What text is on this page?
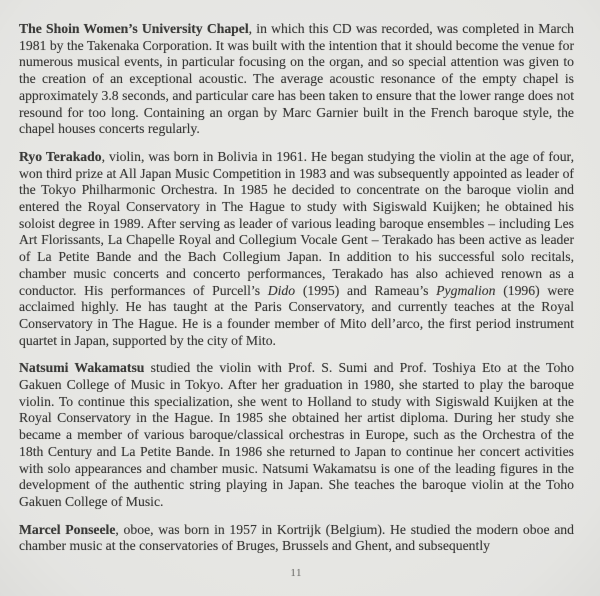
The Shoin Women’s University Chapel, in which this CD was recorded, was completed in March 1981 by the Takenaka Corporation. It was built with the intention that it should become the venue for numerous musical events, in particular focusing on the organ, and so special attention was given to the creation of an exceptional acoustic. The average acoustic resonance of the empty chapel is approximately 3.8 seconds, and particular care has been taken to ensure that the lower range does not resound for too long. Containing an organ by Marc Garnier built in the French baroque style, the chapel houses concerts regularly.

Ryo Terakado, violin, was born in Bolivia in 1961. He began studying the violin at the age of four, won third prize at All Japan Music Competition in 1983 and was subsequently appointed as leader of the Tokyo Philharmonic Orchestra. In 1985 he decided to concentrate on the baroque violin and entered the Royal Conservatory in The Hague to study with Sigiswald Kuijken; he obtained his soloist degree in 1989. After serving as leader of various leading baroque ensembles – including Les Art Florissants, La Chapelle Royal and Collegium Vocale Gent – Terakado has been active as leader of La Petite Bande and the Bach Collegium Japan. In addition to his successful solo recitals, chamber music concerts and concerto performances, Terakado has also achieved renown as a conductor. His performances of Purcell’s Dido (1995) and Rameau’s Pygmalion (1996) were acclaimed highly. He has taught at the Paris Conservatory, and currently teaches at the Royal Conservatory in The Hague. He is a founder member of Mito dell’arco, the first period instrument quartet in Japan, supported by the city of Mito.

Natsumi Wakamatsu studied the violin with Prof. S. Sumi and Prof. Toshiya Eto at the Toho Gakuen College of Music in Tokyo. After her graduation in 1980, she started to play the baroque violin. To continue this specialization, she went to Holland to study with Sigiswald Kuijken at the Royal Conservatory in the Hague. In 1985 she obtained her artist diploma. During her study she became a member of various baroque/classical orchestras in Europe, such as the Orchestra of the 18th Century and La Petite Bande. In 1986 she returned to Japan to continue her concert activities with solo appearances and chamber music. Natsumi Wakamatsu is one of the leading figures in the development of the authentic string playing in Japan. She teaches the baroque violin at the Toho Gakuen College of Music.

Marcel Ponseele, oboe, was born in 1957 in Kortrijk (Belgium). He studied the modern oboe and chamber music at the conservatories of Bruges, Brussels and Ghent, and subsequently

11
